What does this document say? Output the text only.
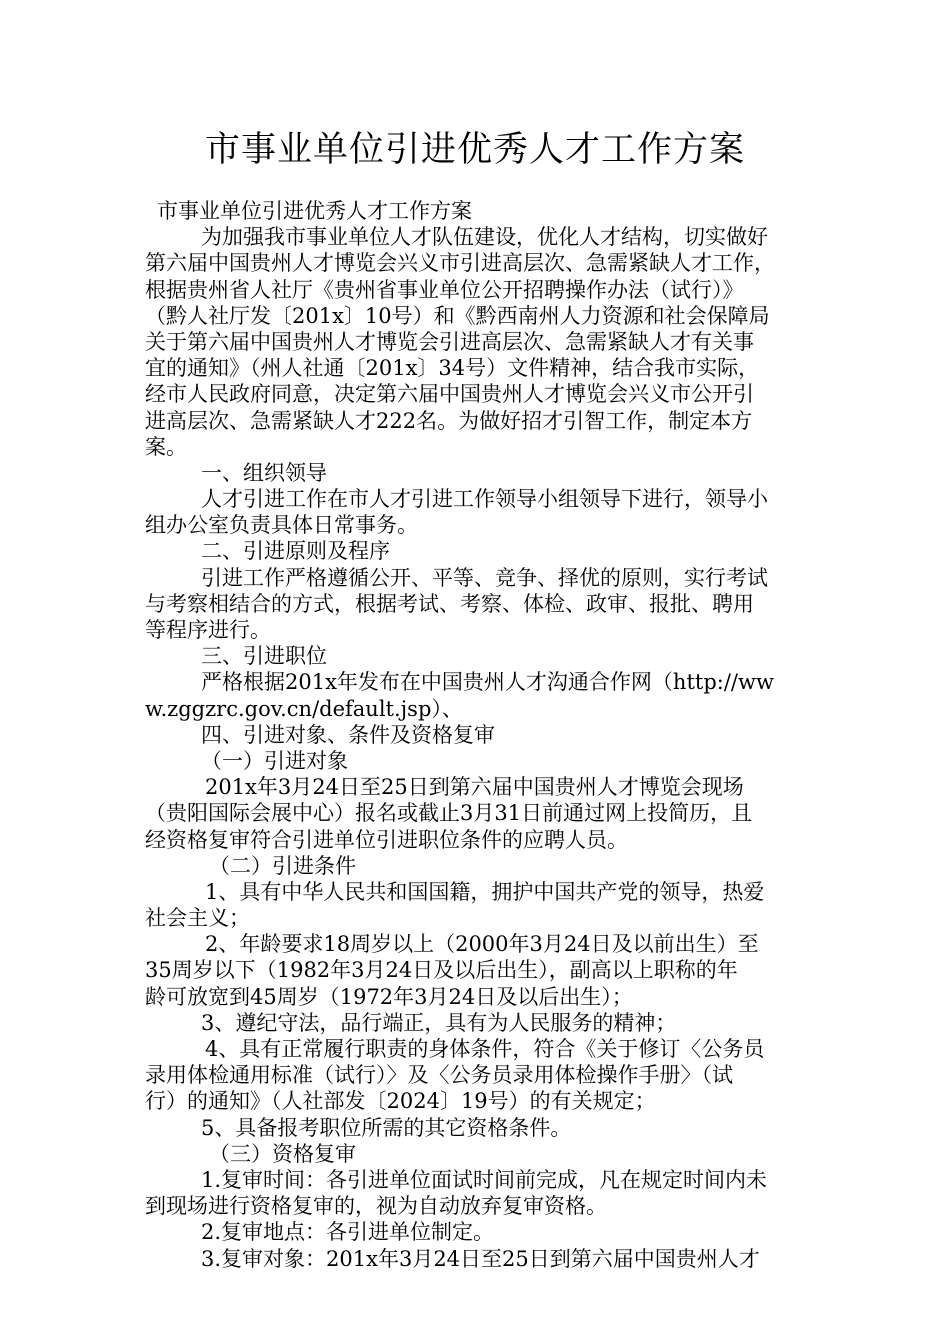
市事业单位引进优秀人才工作方案
市事业单位引进优秀人才工作方案
为加强我市事业单位人才队伍建设，优化人才结构，切实做好
第六届中国贵州人才博览会兴义市引进高层次、急需紧缺人才工作，
根据贵州省人社厅《贵州省事业单位公开招聘操作办法（试行）》
（黔人社厅发〔201x〕10号）和《黔西南州人力资源和社会保障局
关于第六届中国贵州人才博览会引进高层次、急需紧缺人才有关事
宜的通知》（州人社通〔201x〕34号）文件精神，结合我市实际，
经市人民政府同意，决定第六届中国贵州人才博览会兴义市公开引
进高层次、急需紧缺人才222名。为做好招才引智工作，制定本方
案。
一、组织领导
人才引进工作在市人才引进工作领导小组领导下进行，领导小
组办公室负责具体日常事务。
二、引进原则及程序
引进工作严格遵循公开、平等、竞争、择优的原则，实行考试
与考察相结合的方式，根据考试、考察、体检、政审、报批、聘用
等程序进行。
三、引进职位
严格根据201x年发布在中国贵州人才沟通合作网（http://ww
w.zggzrc.gov.cn/default.jsp）、
四、引进对象、条件及资格复审
（一）引进对象
201x年3月24日至25日到第六届中国贵州人才博览会现场
（贵阳国际会展中心）报名或截止3月31日前通过网上投简历，且
经资格复审符合引进单位引进职位条件的应聘人员。
（二）引进条件
1、具有中华人民共和国国籍，拥护中国共产党的领导，热爱
社会主义；
2、年龄要求18周岁以上（2000年3月24日及以前出生）至
35周岁以下（1982年3月24日及以后出生），副高以上职称的年
龄可放宽到45周岁（1972年3月24日及以后出生）；
3、遵纪守法，品行端正，具有为人民服务的精神；
4、具有正常履行职责的身体条件，符合《关于修订〈公务员
录用体检通用标准（试行）〉及〈公务员录用体检操作手册〉（试
行）的通知》（人社部发〔2024〕19号）的有关规定；
5、具备报考职位所需的其它资格条件。
（三）资格复审
1.复审时间：各引进单位面试时间前完成，凡在规定时间内未
到现场进行资格复审的，视为自动放弃复审资格。
2.复审地点：各引进单位制定。
3.复审对象：201x年3月24日至25日到第六届中国贵州人才
